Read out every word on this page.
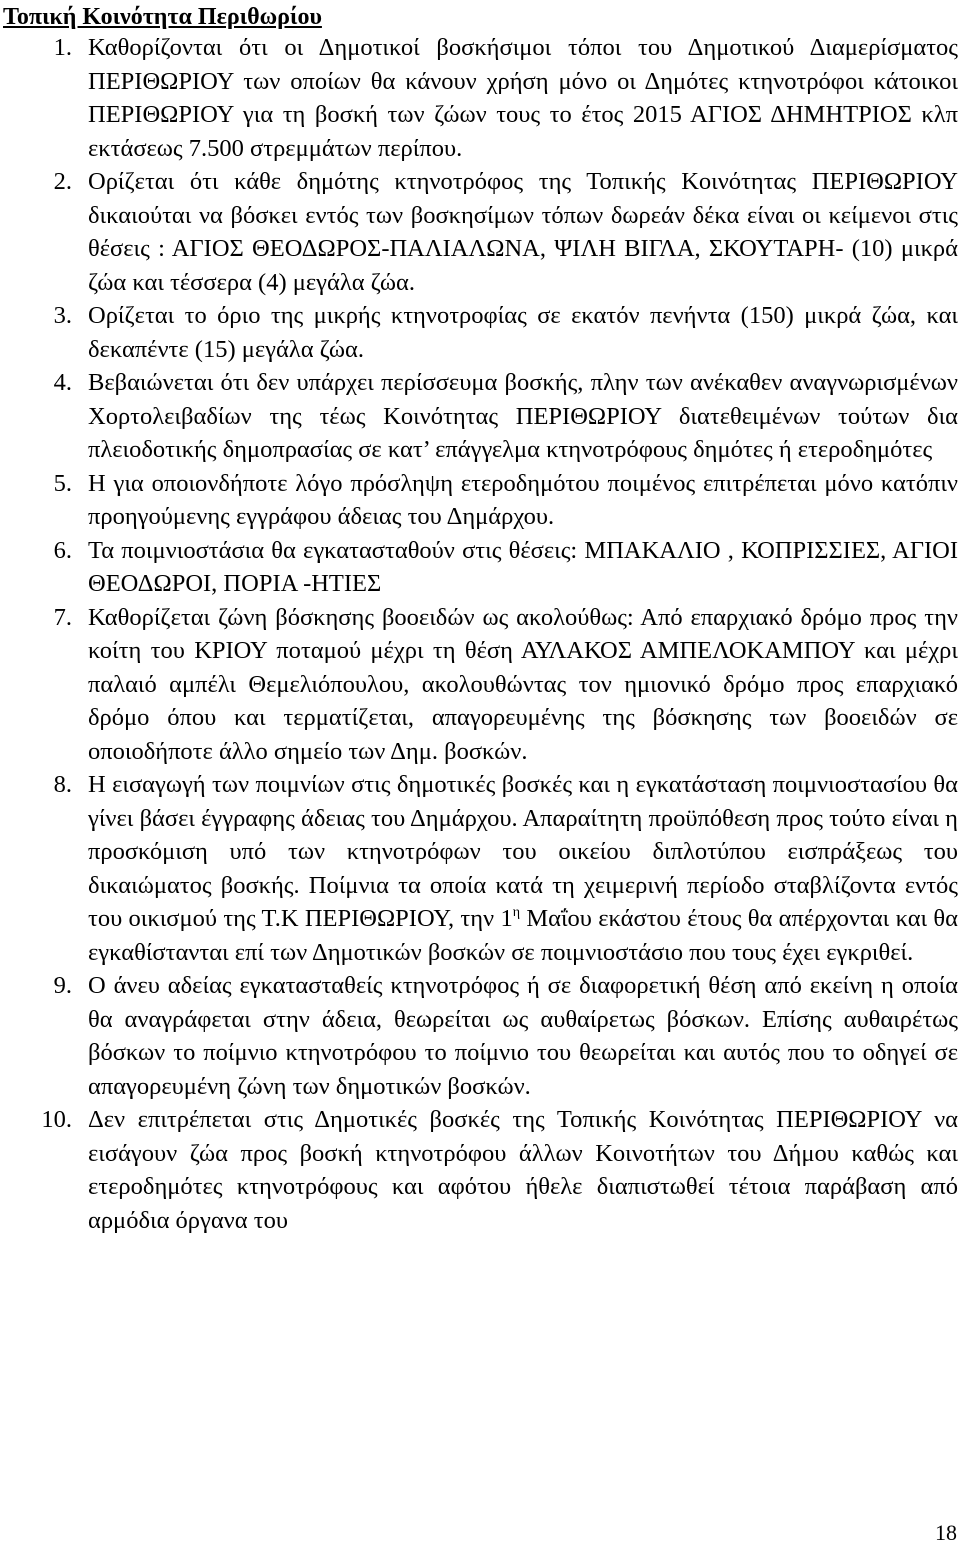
Τοπική Κοινότητα Περιθωρίου
1. Καθορίζονται ότι οι Δημοτικοί βοσκήσιμοι τόποι του Δημοτικού Διαμερίσματος ΠΕΡΙΘΩΡΙΟΥ των οποίων θα κάνουν χρήση μόνο οι Δημότες κτηνοτρόφοι κάτοικοι ΠΕΡΙΘΩΡΙΟΥ για τη βοσκή των ζώων τους το έτος 2015 ΑΓΙΟΣ ΔΗΜΗΤΡΙΟΣ κλπ εκτάσεως 7.500 στρεμμάτων περίπου.
2. Ορίζεται ότι κάθε δημότης κτηνοτρόφος της Τοπικής Κοινότητας ΠΕΡΙΘΩΡΙΟΥ δικαιούται να βόσκει εντός των βοσκησίμων τόπων δωρεάν δέκα είναι οι κείμενοι στις θέσεις : ΑΓΙΟΣ ΘΕΟΔΩΡΟΣ-ΠΑΛΙΑΛΩΝΑ, ΨΙΛΗ ΒΙΓΛΑ, ΣΚΟΥΤΑΡΗ- (10) μικρά ζώα και τέσσερα (4) μεγάλα ζώα.
3. Ορίζεται το όριο της μικρής κτηνοτροφίας σε εκατόν πενήντα (150) μικρά ζώα, και δεκαπέντε (15) μεγάλα ζώα.
4. Βεβαιώνεται ότι δεν υπάρχει περίσσευμα βοσκής, πλην των ανέκαθεν αναγνωρισμένων Χορτολειβαδίων της τέως Κοινότητας ΠΕΡΙΘΩΡΙΟΥ διατεθειμένων τούτων δια πλειοδοτικής δημοπρασίας σε κατ’ επάγγελμα κτηνοτρόφους δημότες ή ετεροδημότες
5. Η για οποιονδήποτε λόγο πρόσληψη ετεροδημότου ποιμένος επιτρέπεται μόνο κατόπιν προηγούμενης εγγράφου άδειας του Δημάρχου.
6. Τα ποιμνιοστάσια θα εγκατασταθούν στις θέσεις: ΜΠΑΚΑΛΙΟ , ΚΟΠΡΙΣΣΙΕΣ, ΑΓΙΟΙ ΘΕΟΔΩΡΟΙ, ΠΟΡΙΑ -ΗΤΙΕΣ
7. Καθορίζεται ζώνη βόσκησης βοοειδών ως ακολούθως: Από επαρχιακό δρόμο προς την κοίτη του ΚΡΙΟΥ ποταμού μέχρι τη θέση ΑΥΛΑΚΟΣ ΑΜΠΕΛΟΚΑΜΠΟΥ και μέχρι παλαιό αμπέλι Θεμελιόπουλου, ακολουθώντας τον ημιονικό δρόμο προς επαρχιακό δρόμο όπου και τερματίζεται, απαγορευμένης της βόσκησης των βοοειδών σε οποιοδήποτε άλλο σημείο των Δημ. βοσκών.
8. Η εισαγωγή των ποιμνίων στις δημοτικές βοσκές και η εγκατάσταση ποιμνιοστασίου θα γίνει βάσει έγγραφης άδειας του Δημάρχου. Απαραίτητη προϋπόθεση προς τούτο είναι η προσκόμιση υπό των κτηνοτρόφων του οικείου διπλοτύπου εισπράξεως του δικαιώματος βοσκής. Ποίμνια τα οποία κατά τη χειμερινή περίοδο σταβλίζοντα εντός του οικισμού της Τ.Κ ΠΕΡΙΘΩΡΙΟΥ, την $1^\eta$ Μαΐου εκάστου έτους θα απέρχονται και θα εγκαθίστανται επί των Δημοτικών βοσκών σε ποιμνιοστάσιο που τους έχει εγκριθεί.
9. Ο άνευ αδείας εγκατασταθείς κτηνοτρόφος ή σε διαφορετική θέση από εκείνη η οποία θα αναγράφεται στην άδεια, θεωρείται ως αυθαίρετως βόσκων. Επίσης αυθαιρέτως βόσκων το ποίμνιο κτηνοτρόφου το ποίμνιο του θεωρείται και αυτός που το οδηγεί σε απαγορευμένη ζώνη των δημοτικών βοσκών.
10. Δεν επιτρέπεται στις Δημοτικές βοσκές της Τοπικής Κοινότητας ΠΕΡΙΘΩΡΙΟΥ να εισάγουν ζώα προς βοσκή κτηνοτρόφου άλλων Κοινοτήτων του Δήμου καθώς και ετεροδημότες κτηνοτρόφους και αφότου ήθελε διαπιστωθεί τέτοια παράβαση από αρμόδια όργανα του
18
